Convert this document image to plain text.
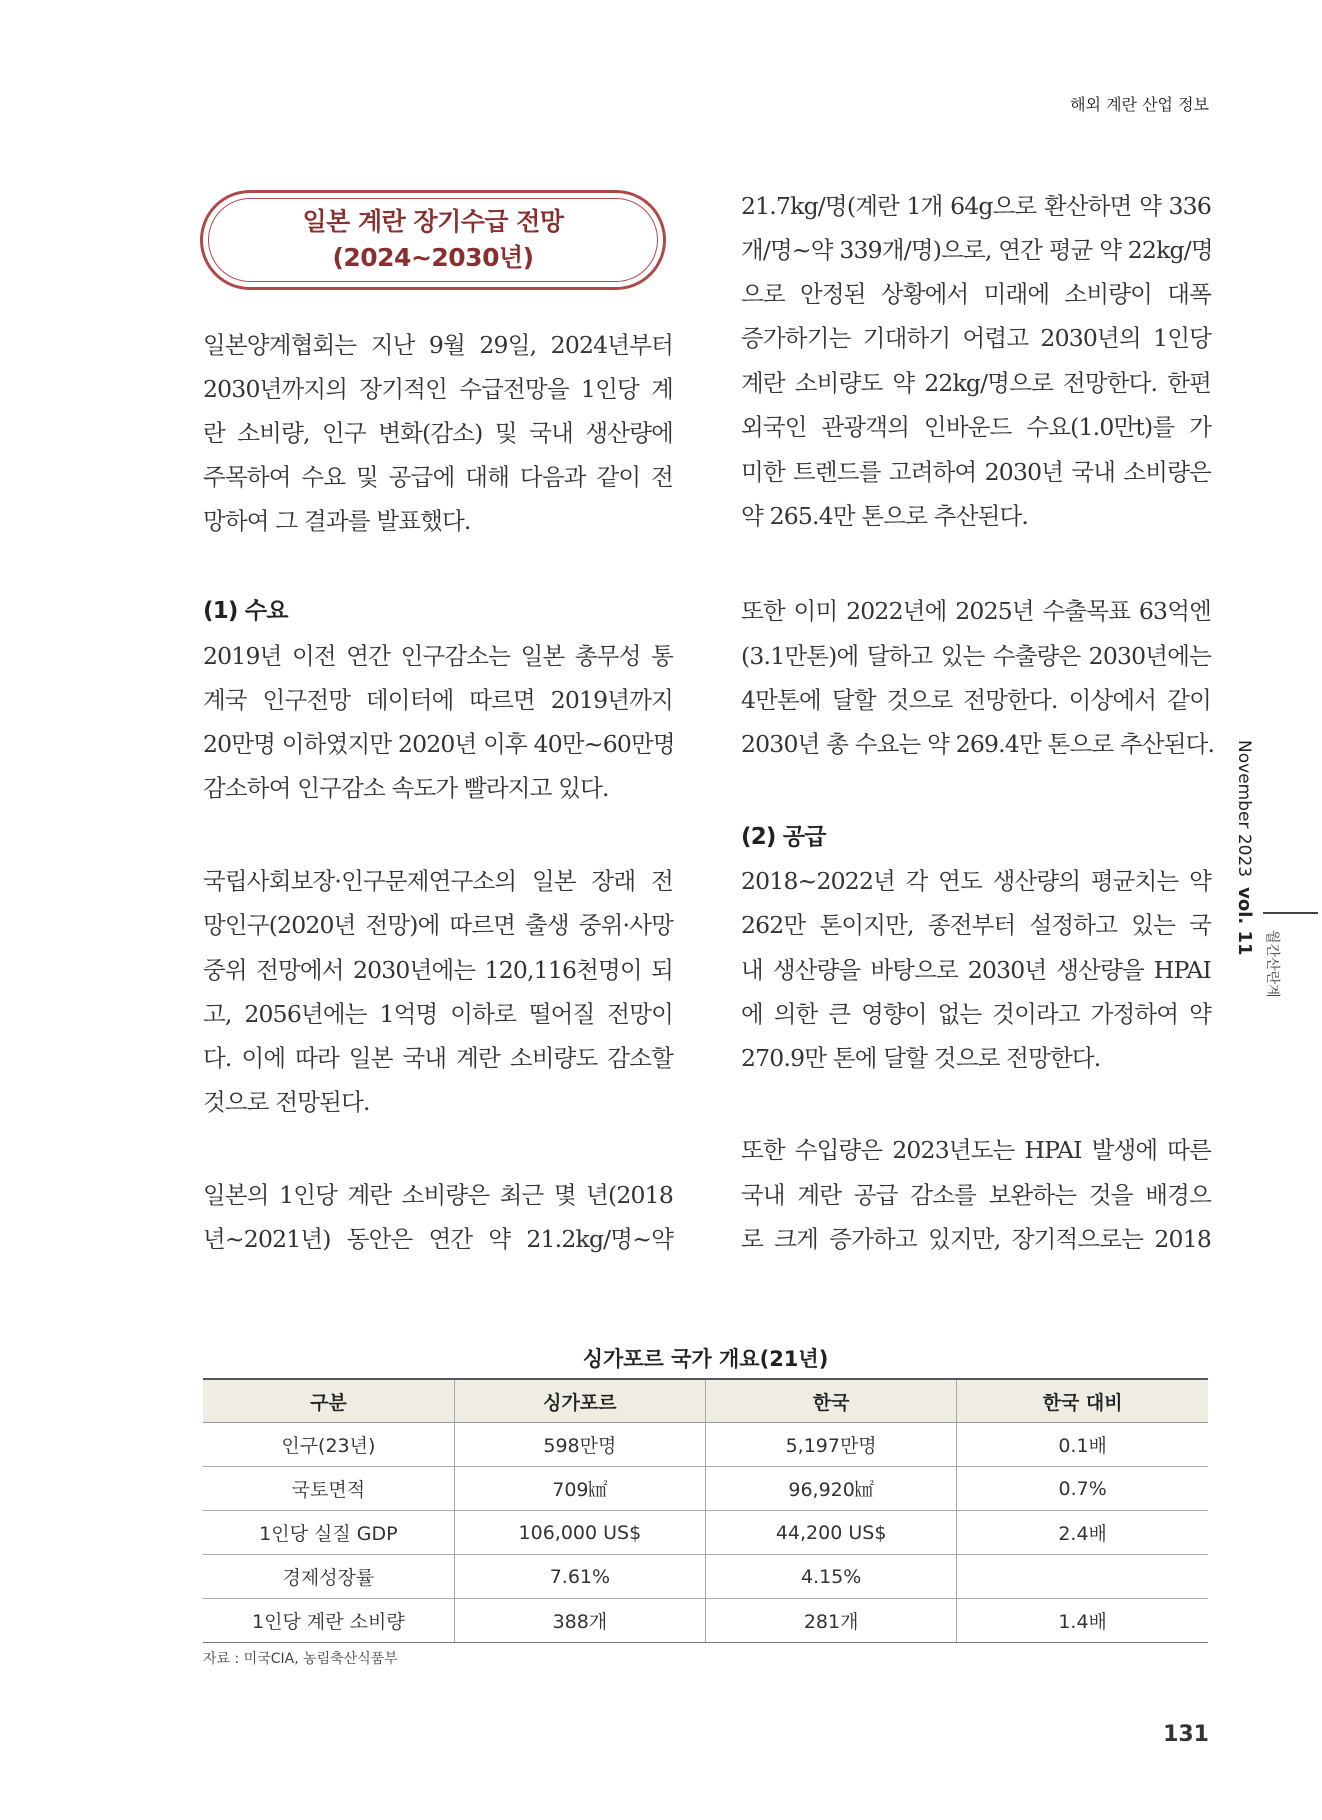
해외 계란 산업 정보
일본 계란 장기수급 전망
(2024~2030년)
일본양계협회는 지난 9월 29일, 2024년부터
2030년까지의 장기적인 수급전망을 1인당 계
란 소비량, 인구 변화(감소) 및 국내 생산량에
주목하여 수요 및 공급에 대해 다음과 같이 전
망하여 그 결과를 발표했다.
(1) 수요
2019년 이전 연간 인구감소는 일본 총무성 통
계국 인구전망 데이터에 따르면 2019년까지
20만명 이하였지만 2020년 이후 40만~60만명
감소하여 인구감소 속도가 빨라지고 있다.
국립사회보장·인구문제연구소의 일본 장래 전
망인구(2020년 전망)에 따르면 출생 중위·사망
중위 전망에서 2030년에는 120,116천명이 되
고, 2056년에는 1억명 이하로 떨어질 전망이
다. 이에 따라 일본 국내 계란 소비량도 감소할
것으로 전망된다.
일본의 1인당 계란 소비량은 최근 몇 년(2018
년~2021년) 동안은 연간 약 21.2kg/명~약
21.7kg/명(계란 1개 64g으로 환산하면 약 336
개/명~약 339개/명)으로, 연간 평균 약 22kg/명
으로 안정된 상황에서 미래에 소비량이 대폭
증가하기는 기대하기 어렵고 2030년의 1인당
계란 소비량도 약 22kg/명으로 전망한다. 한편
외국인 관광객의 인바운드 수요(1.0만t)를 가
미한 트렌드를 고려하여 2030년 국내 소비량은
약 265.4만 톤으로 추산된다.
또한 이미 2022년에 2025년 수출목표 63억엔
(3.1만톤)에 달하고 있는 수출량은 2030년에는
4만톤에 달할 것으로 전망한다. 이상에서 같이
2030년 총 수요는 약 269.4만 톤으로 추산된다.
(2) 공급
2018~2022년 각 연도 생산량의 평균치는 약
262만 톤이지만, 종전부터 설정하고 있는 국
내 생산량을 바탕으로 2030년 생산량을 HPAI
에 의한 큰 영향이 없는 것이라고 가정하여 약
270.9만 톤에 달할 것으로 전망한다.
또한 수입량은 2023년도는 HPAI 발생에 따른
국내 계란 공급 감소를 보완하는 것을 배경으
로 크게 증가하고 있지만, 장기적으로는 2018
November 2023vol. 11
월간산란계
싱가포르 국가 개요(21년)
구분	싱가포르	한국	한국 대비
인구(23년)	598만명	5,197만명	0.1배
국토면적	709㎢	96,920㎢	0.7%
1인당 실질 GDP	106,000 US$	44,200 US$	2.4배
경제성장률	7.61%	4.15%	
1인당 계란 소비량	388개	281개	1.4배
자료 : 미국CIA, 농림축산식품부
131
